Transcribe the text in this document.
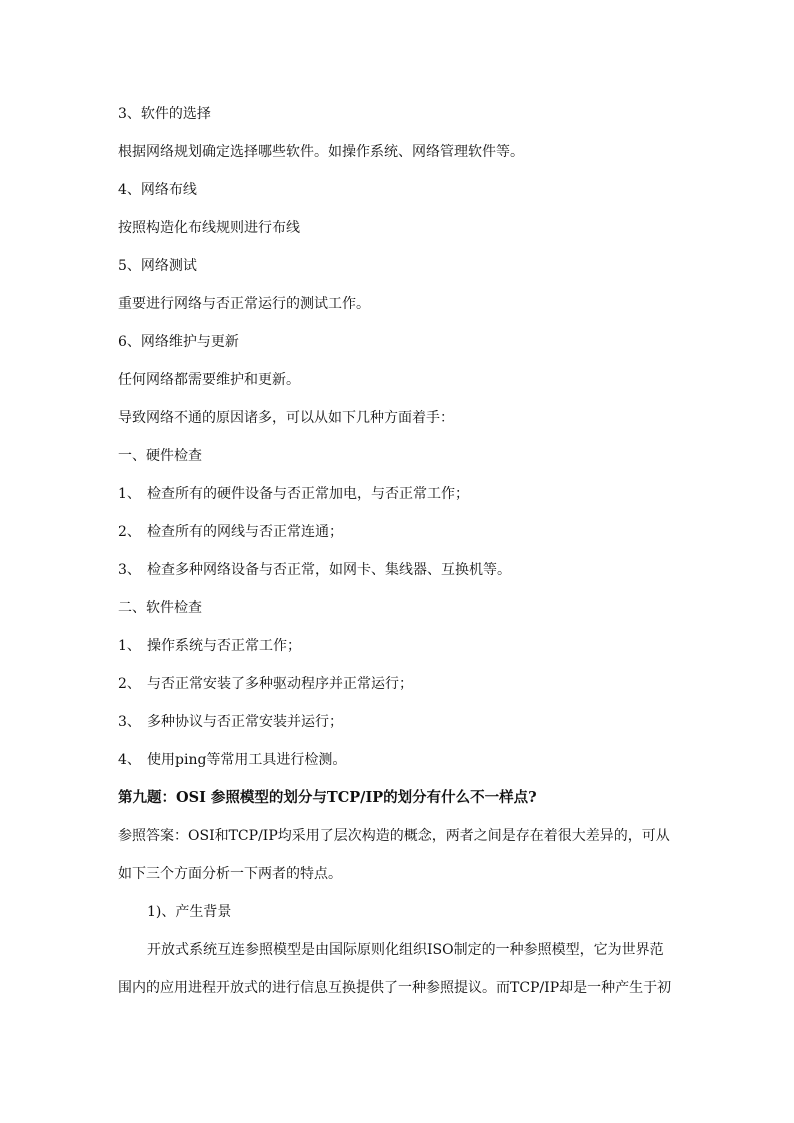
3、软件的选择
根据网络规划确定选择哪些软件。如操作系统、网络管理软件等。
4、网络布线
按照构造化布线规则进行布线
5、网络测试
重要进行网络与否正常运行的测试工作。
6、网络维护与更新
任何网络都需要维护和更新。
导致网络不通的原因诸多，可以从如下几种方面着手：
一、硬件检查
1、 检查所有的硬件设备与否正常加电，与否正常工作；
2、 检查所有的网线与否正常连通；
3、 检查多种网络设备与否正常，如网卡、集线器、互换机等。
二、软件检查
1、 操作系统与否正常工作；
2、 与否正常安装了多种驱动程序并正常运行；
3、 多种协议与否正常安装并运行；
4、 使用ping等常用工具进行检测。
第九题：OSI 参照模型的划分与TCP/IP的划分有什么不一样点?
参照答案：OSI和TCP/IP均采用了层次构造的概念，两者之间是存在着很大差异的，可从
如下三个方面分析一下两者的特点。
1)、产生背景
开放式系统互连参照模型是由国际原则化组织ISO制定的一种参照模型，它为世界范
围内的应用进程开放式的进行信息互换提供了一种参照提议。而TCP/IP却是一种产生于初
